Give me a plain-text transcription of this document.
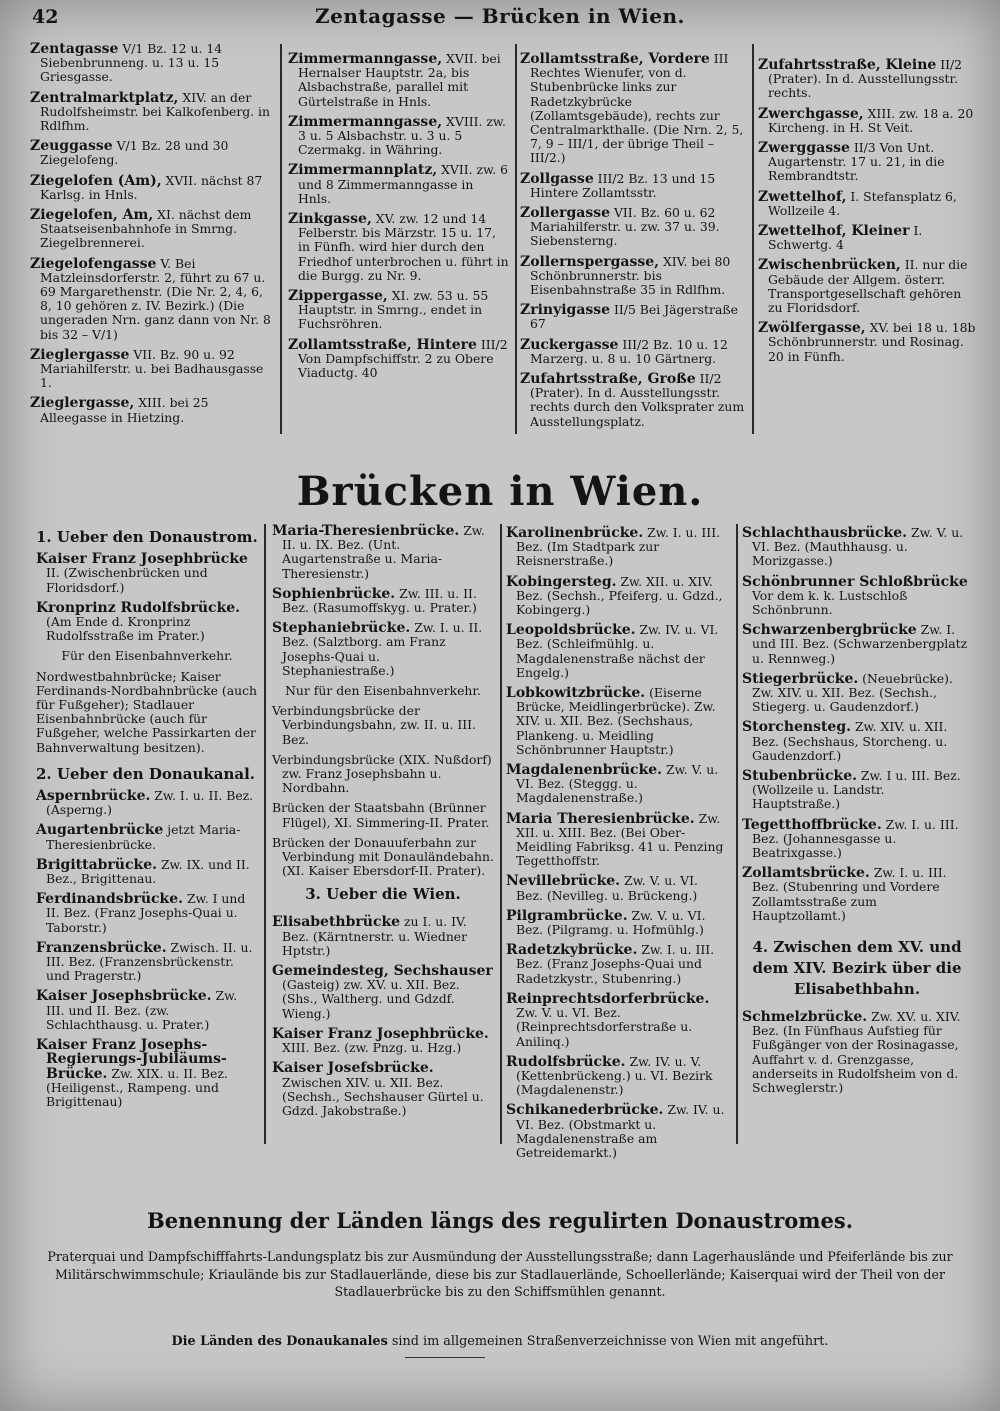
42	Zentagasse — Brücken in Wien.
Zentagasse V/1 Bz. 12 u. 14 Siebenbrunneng. u. 13 u. 15 Griesgasse.
Zentralmarktplatz, XIV. an der Rudolfsheimstr. bei Kalkofenberg. in Rdlfhm.
Zeuggasse V/1 Bz. 28 und 30 Ziegelofeng.
Ziegelofen (Am), XVII. nächst 87 Karlsg. in Hnls.
Ziegelofen, Am, XI. nächst dem Staatseisenbahnhofe in Smrng. Ziegelbrennerei.
Ziegelofengasse V. Bei Matzleinsdorferstr. 2, führt zu 67 u. 69 Margarethenstr. (Die Nr. 2, 4, 6, 8, 10 gehören z. IV. Bezirk.) (Die ungeraden Nrn. ganz dann von Nr. 8 bis 32 – V/1)
Zieglergasse VII. Bz. 90 u. 92 Mariahilferstr. u. bei Badhausgasse 1.
Zieglergasse, XIII. bei 25 Alleegasse in Hietzing.
Zimmermanngasse, XVII. bei Hernalser Hauptstr. 2a, bis Alsbachstraße, parallel mit Gürtelstraße in Hnls.
Zimmermanngasse, XVIII. zw. 3 u. 5 Alsbachstr. u. 3 u. 5 Czermakg. in Währing.
Zimmermannplatz, XVII. zw. 6 und 8 Zimmermanngasse in Hnls.
Zinkgasse, XV. zw. 12 und 14 Felberstr. bis Märzstr. 15 u. 17, in Fünfh. wird hier durch den Friedhof unterbrochen u. führt in die Burgg. zu Nr. 9.
Zippergasse, XI. zw. 53 u. 55 Hauptstr. in Smrng., endet in Fuchsröhren.
Zollamtsstraße, Hintere III/2 Von Dampfschiffstr. 2 zu Obere Viaductg. 40
Zollamtsstraße, Vordere III Rechtes Wienufer, von d. Stubenbrücke links zur Radetzkybrücke (Zollamtsgebäude), rechts zur Centralmarkthalle. (Die Nrn. 2, 5, 7, 9 – III/1, der übrige Theil – III/2.)
Zollgasse III/2 Bz. 13 und 15 Hintere Zollamtsstr.
Zollergasse VII. Bz. 60 u. 62 Mariahilferstr. u. zw. 37 u. 39. Siebensterng.
Zollernspergasse, XIV. bei 80 Schönbrunnerstr. bis Eisenbahnstraße 35 in Rdlfhm.
Zrinyigasse II/5 Bei Jägerstraße 67
Zuckergasse III/2 Bz. 10 u. 12 Marzerg. u. 8 u. 10 Gärtnerg.
Zufahrtsstraße, Große II/2 (Prater). In d. Ausstellungsstr. rechts durch den Volksprater zum Ausstellungsplatz.
Zufahrtsstraße, Kleine II/2 (Prater). In d. Ausstellungsstr. rechts.
Zwerchgasse, XIII. zw. 18 a. 20 Kircheng. in H. St Veit.
Zwerggasse II/3 Von Unt. Augartenstr. 17 u. 21, in die Rembrandtstr.
Zwettelhof, I. Stefansplatz 6, Wollzeile 4.
Zwettelhof, Kleiner I. Schwertg. 4
Zwischenbrücken, II. nur die Gebäude der Allgem. österr. Transportgesellschaft gehören zu Floridsdorf.
Zwölfergasse, XV. bei 18 u. 18b Schönbrunnerstr. und Rosinag. 20 in Fünfh.
Brücken in Wien.
1. Ueber den Donaustrom.
Kaiser Franz Josephbrücke II. (Zwischenbrücken und Floridsdorf.)
Kronprinz Rudolfsbrücke. (Am Ende d. Kronprinz Rudolfsstraße im Prater.)
Für den Eisenbahnverkehr.
Nordwestbahnbrücke; Kaiser Ferdinands-Nordbahnbrücke (auch für Fußgeher); Stadlauer Eisenbahnbrücke (auch für Fußgeher, welche Passirkarten der Bahnverwaltung besitzen).
2. Ueber den Donaukanal.
Aspernbrücke. Zw. I. u. II. Bez. (Asperng.)
Augartenbrücke jetzt Maria-Theresienbrücke.
Brigittabrücke. Zw. IX. und II. Bez., Brigittenau.
Ferdinandsbrücke. Zw. I und II. Bez. (Franz Josephs-Quai u. Taborstr.)
Franzensbrücke. Zwisch. II. u. III. Bez. (Franzensbrückenstr. und Pragerstr.)
Kaiser Josephsbrücke. Zw. III. und II. Bez. (zw. Schlachthausg. u. Prater.)
Kaiser Franz Josephs-Regierungs-Jubiläums-Brücke. Zw. XIX. u. II. Bez. (Heiligenst., Rampeng. und Brigittenau)
Maria-Theresienbrücke. Zw. II. u. IX. Bez. (Unt. Augartenstraße u. Maria-Theresienstr.)
Sophienbrücke. Zw. III. u. II. Bez. (Rasumoffskyg. u. Prater.)
Stephaniebrücke. Zw. I. u. II. Bez. (Salztborg. am Franz Josephs-Quai u. Stephaniestraße.)
Nur für den Eisenbahnverkehr.
Verbindungsbrücke der Verbindungsbahn, zw. II. u. III. Bez.
Verbindungsbrücke (XIX. Nußdorf) zw. Franz Josephsbahn u. Nordbahn.
Brücken der Staatsbahn (Brünner Flügel), XI. Simmering-II. Prater.
Brücken der Donauuferbahn zur Verbindung mit Donauländebahn. (XI. Kaiser Ebersdorf-II. Prater).
3. Ueber die Wien.
Elisabethbrücke zu I. u. IV. Bez. (Kärntnerstr. u. Wiedner Hptstr.)
Gemeindesteg, Sechshauser (Gasteig) zw. XV. u. XII. Bez. (Shs., Waltherg. und Gdzdf. Wieng.)
Kaiser Franz Josephbrücke. XIII. Bez. (zw. Pnzg. u. Hzg.)
Kaiser Josefsbrücke. Zwischen XIV. u. XII. Bez. (Sechsh., Sechshauser Gürtel u. Gdzd. Jakobstraße.)
Karolinenbrücke. Zw. I. u. III. Bez. (Im Stadtpark zur Reisnerstraße.)
Kobingersteg. Zw. XII. u. XIV. Bez. (Sechsh., Pfeiferg. u. Gdzd., Kobingerg.)
Leopoldsbrücke. Zw. IV. u. VI. Bez. (Schleifmühlg. u. Magdalenenstraße nächst der Engelg.)
Lobkowitzbrücke. (Eiserne Brücke, Meidlingerbrücke). Zw. XIV. u. XII. Bez. (Sechshaus, Plankeng. u. Meidling Schönbrunner Hauptstr.)
Magdalenenbrücke. Zw. V. u. VI. Bez. (Steggg. u. Magdalenenstraße.)
Maria Theresienbrücke. Zw. XII. u. XIII. Bez. (Bei Ober-Meidling Fabriksg. 41 u. Penzing Tegetthoffstr.
Nevillebrücke. Zw. V. u. VI. Bez. (Nevilleg. u. Brückeng.)
Pilgrambrücke. Zw. V. u. VI. Bez. (Pilgramg. u. Hofmühlg.)
Radetzkybrücke. Zw. I. u. III. Bez. (Franz Josephs-Quai und Radetzkystr., Stubenring.)
Reinprechtsdorferbrücke. Zw. V. u. VI. Bez. (Reinprechtsdorferstraße u. Anilinq.)
Rudolfsbrücke. Zw. IV. u. V. (Kettenbrückeng.) u. VI. Bezirk (Magdalenenstr.)
Schikanederbrücke. Zw. IV. u. VI. Bez. (Obstmarkt u. Magdalenenstraße am Getreidemarkt.)
Schlachthausbrücke. Zw. V. u. VI. Bez. (Mauthhausg. u. Morizgasse.)
Schönbrunner Schloßbrücke Vor dem k. k. Lustschloß Schönbrunn.
Schwarzenbergbrücke Zw. I. und III. Bez. (Schwarzenbergplatz u. Rennweg.)
Stiegerbrücke. (Neuebrücke). Zw. XIV. u. XII. Bez. (Sechsh., Stiegerg. u. Gaudenzdorf.)
Storchensteg. Zw. XIV. u. XII. Bez. (Sechshaus, Storcheng. u. Gaudenzdorf.)
Stubenbrücke. Zw. I u. III. Bez. (Wollzeile u. Landstr. Hauptstraße.)
Tegetthoffbrücke. Zw. I. u. III. Bez. (Johannesgasse u. Beatrixgasse.)
Zollamtsbrücke. Zw. I. u. III. Bez. (Stubenring und Vordere Zollamtsstraße zum Hauptzollamt.)
4. Zwischen dem XV. und dem XIV. Bezirk über die Elisabethbahn.
Schmelzbrücke. Zw. XV. u. XIV. Bez. (In Fünfhaus Aufstieg für Fußgänger von der Rosinagasse, Auffahrt v. d. Grenzgasse, anderseits in Rudolfsheim von d. Schweglerstr.)
Benennung der Länden längs des regulirten Donaustromes.
Praterquai und Dampfschifffahrts-Landungsplatz bis zur Ausmündung der Ausstellungsstraße; dann Lagerhausländе und Pfeiferlände bis zur Militärschwimmschule; Kriaulände bis zur Stadlauerlände, diese bis zur Stadlauerlände, Schoellerlände; Kaiserquai wird der Theil von der Stadlauerbrücke bis zu den Schiffsmühlen genannt.
Die Länden des Donaukanales sind im allgemeinen Straßenverzeichnisse von Wien mit angeführt.
